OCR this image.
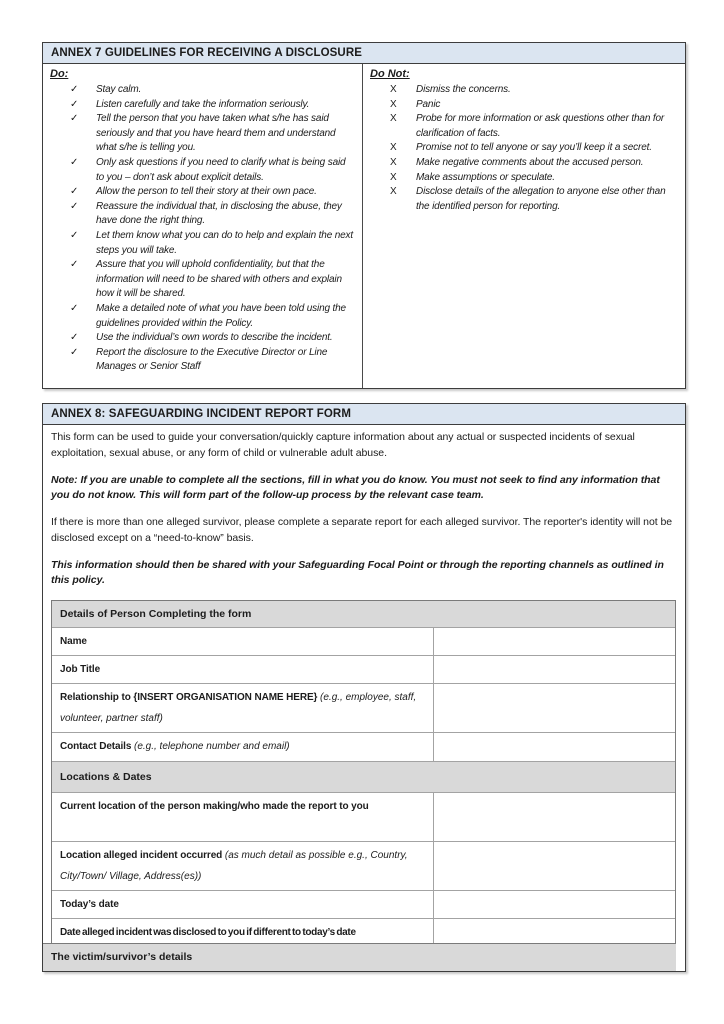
ANNEX 7 GUIDELINES FOR RECEIVING A DISCLOSURE
Do:
✓	Stay calm.
✓	Listen carefully and take the information seriously.
✓	Tell the person that you have taken what s/he has said seriously and that you have heard them and understand what s/he is telling you.
✓	Only ask questions if you need to clarify what is being said to you – don’t ask about explicit details.
✓	Allow the person to tell their story at their own pace.
✓	Reassure the individual that, in disclosing the abuse, they have done the right thing.
✓	Let them know what you can do to help and explain the next steps you will take.
✓	Assure that you will uphold confidentiality, but that the information will need to be shared with others and explain how it will be shared.
✓	Make a detailed note of what you have been told using the guidelines provided within the Policy.
✓	Use the individual’s own words to describe the incident.
✓	Report the disclosure to the Executive Director or Line Manages or Senior Staff
Do Not:
X	Dismiss the concerns.
X	Panic
X	Probe for more information or ask questions other than for clarification of facts.
X	Promise not to tell anyone or say you’ll keep it a secret.
X	Make negative comments about the accused person.
X	Make assumptions or speculate.
X	Disclose details of the allegation to anyone else other than the identified person for reporting.
ANNEX 8: SAFEGUARDING INCIDENT REPORT FORM

This form can be used to guide your conversation/quickly capture information about any actual or suspected incidents of sexual exploitation, sexual abuse, or any form of child or vulnerable adult abuse.

Note: If you are unable to complete all the sections, fill in what you do know. You must not seek to find any information that you do not know. This will form part of the follow-up process by the relevant case team.

If there is more than one alleged survivor, please complete a separate report for each alleged survivor. The reporter's identity will not be disclosed except on a “need-to-know” basis.

This information should then be shared with your Safeguarding Focal Point or through the reporting channels as outlined in this policy.

Details of Person Completing the form
Name
Job Title
Relationship to {INSERT ORGANISATION NAME HERE} (e.g., employee, staff, volunteer, partner staff)
Contact Details (e.g., telephone number and email)
Locations & Dates
Current location of the person making/who made the report to you
Location alleged incident occurred (as much detail as possible e.g., Country, City/Town/ Village, Address(es))
Today’s date
Date alleged incident was disclosed to you if different to today’s date
The victim/survivor’s details
